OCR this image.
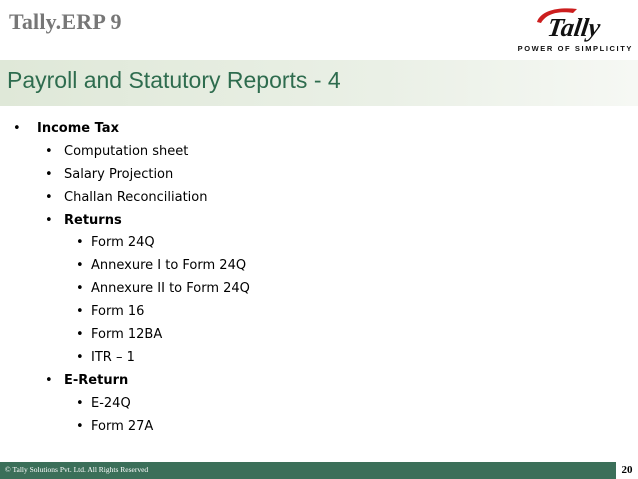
Tally.ERP 9	Tally
POWER OF SIMPLICITY
Payroll and Statutory Reports - 4
• Income Tax
• Computation sheet
• Salary Projection
• Challan Reconciliation
• Returns
• Form 24Q
• Annexure I to Form 24Q
• Annexure II to Form 24Q
• Form 16
• Form 12BA
• ITR – 1
• E-Return
• E-24Q
• Form 27A
© Tally Solutions Pvt. Ltd. All Rights Reserved	20
